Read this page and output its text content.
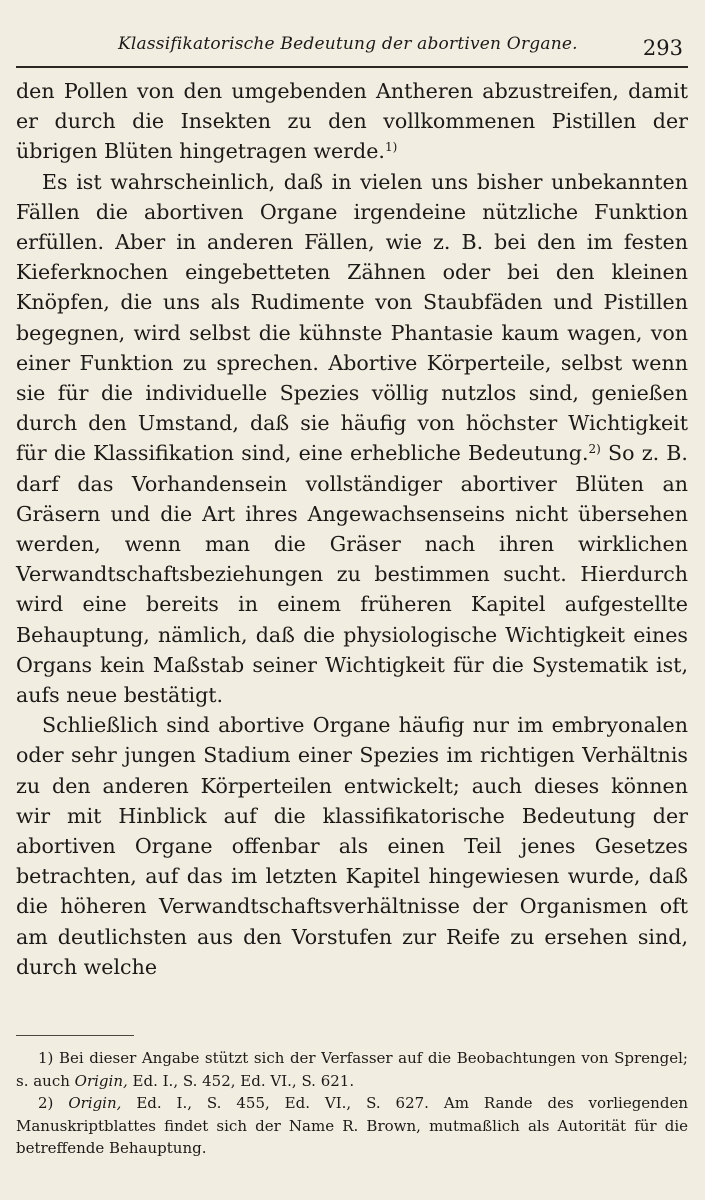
Klassifikatorische Bedeutung der abortiven Organe.	293

den Pollen von den umgebenden Antheren abzustreifen, damit er durch die Insekten zu den vollkommenen Pistillen der übrigen Blüten hingetragen werde.$^{1)}$

Es ist wahrscheinlich, daß in vielen uns bisher unbekannten Fällen die abortiven Organe irgendeine nützliche Funktion erfüllen. Aber in anderen Fällen, wie z. B. bei den im festen Kieferknochen eingebetteten Zähnen oder bei den kleinen Knöpfen, die uns als Rudimente von Staubfäden und Pistillen begegnen, wird selbst die kühnste Phantasie kaum wagen, von einer Funktion zu sprechen. Abortive Körperteile, selbst wenn sie für die individuelle Spezies völlig nutzlos sind, genießen durch den Umstand, daß sie häufig von höchster Wichtigkeit für die Klassifikation sind, eine erhebliche Bedeutung.$^{2)}$ So z. B. darf das Vorhandensein vollständiger abortiver Blüten an Gräsern und die Art ihres Angewachsenseins nicht übersehen werden, wenn man die Gräser nach ihren wirklichen Verwandtschaftsbeziehungen zu bestimmen sucht. Hierdurch wird eine bereits in einem früheren Kapitel aufgestellte Behauptung, nämlich, daß die physiologische Wichtigkeit eines Organs kein Maßstab seiner Wichtigkeit für die Systematik ist, aufs neue bestätigt.

Schließlich sind abortive Organe häufig nur im embryonalen oder sehr jungen Stadium einer Spezies im richtigen Verhältnis zu den anderen Körperteilen entwickelt; auch dieses können wir mit Hinblick auf die klassifikatorische Bedeutung der abortiven Organe offenbar als einen Teil jenes Gesetzes betrachten, auf das im letzten Kapitel hingewiesen wurde, daß die höheren Verwandtschaftsverhältnisse der Organismen oft am deutlichsten aus den Vorstufen zur Reife zu ersehen sind, durch welche

1) Bei dieser Angabe stützt sich der Verfasser auf die Beobachtungen von Sprengel; s. auch Origin, Ed. I., S. 452, Ed. VI., S. 621.

2) Origin, Ed. I., S. 455, Ed. VI., S. 627. Am Rande des vorliegenden Manuskriptblattes findet sich der Name R. Brown, mutmaßlich als Autorität für die betreffende Behauptung.
